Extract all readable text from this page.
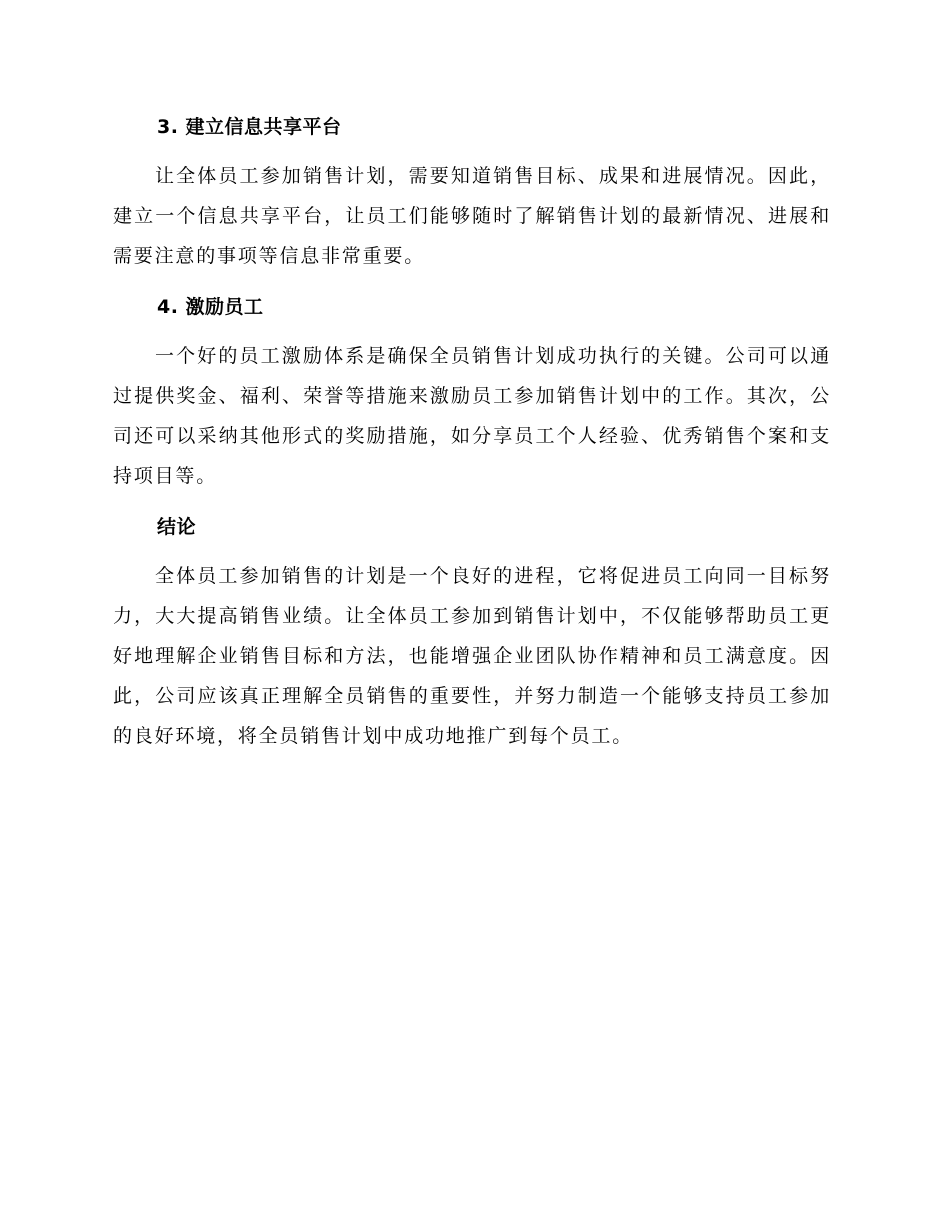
3. 建立信息共享平台

让全体员工参加销售计划，需要知道销售目标、成果和进展情况。因此，建立一个信息共享平台，让员工们能够随时了解销售计划的最新情况、进展和需要注意的事项等信息非常重要。

4. 激励员工

一个好的员工激励体系是确保全员销售计划成功执行的关键。公司可以通过提供奖金、福利、荣誉等措施来激励员工参加销售计划中的工作。其次，公司还可以采纳其他形式的奖励措施，如分享员工个人经验、优秀销售个案和支持项目等。

结论

全体员工参加销售的计划是一个良好的进程，它将促进员工向同一目标努力，大大提高销售业绩。让全体员工参加到销售计划中，不仅能够帮助员工更好地理解企业销售目标和方法，也能增强企业团队协作精神和员工满意度。因此，公司应该真正理解全员销售的重要性，并努力制造一个能够支持员工参加的良好环境，将全员销售计划中成功地推广到每个员工。
